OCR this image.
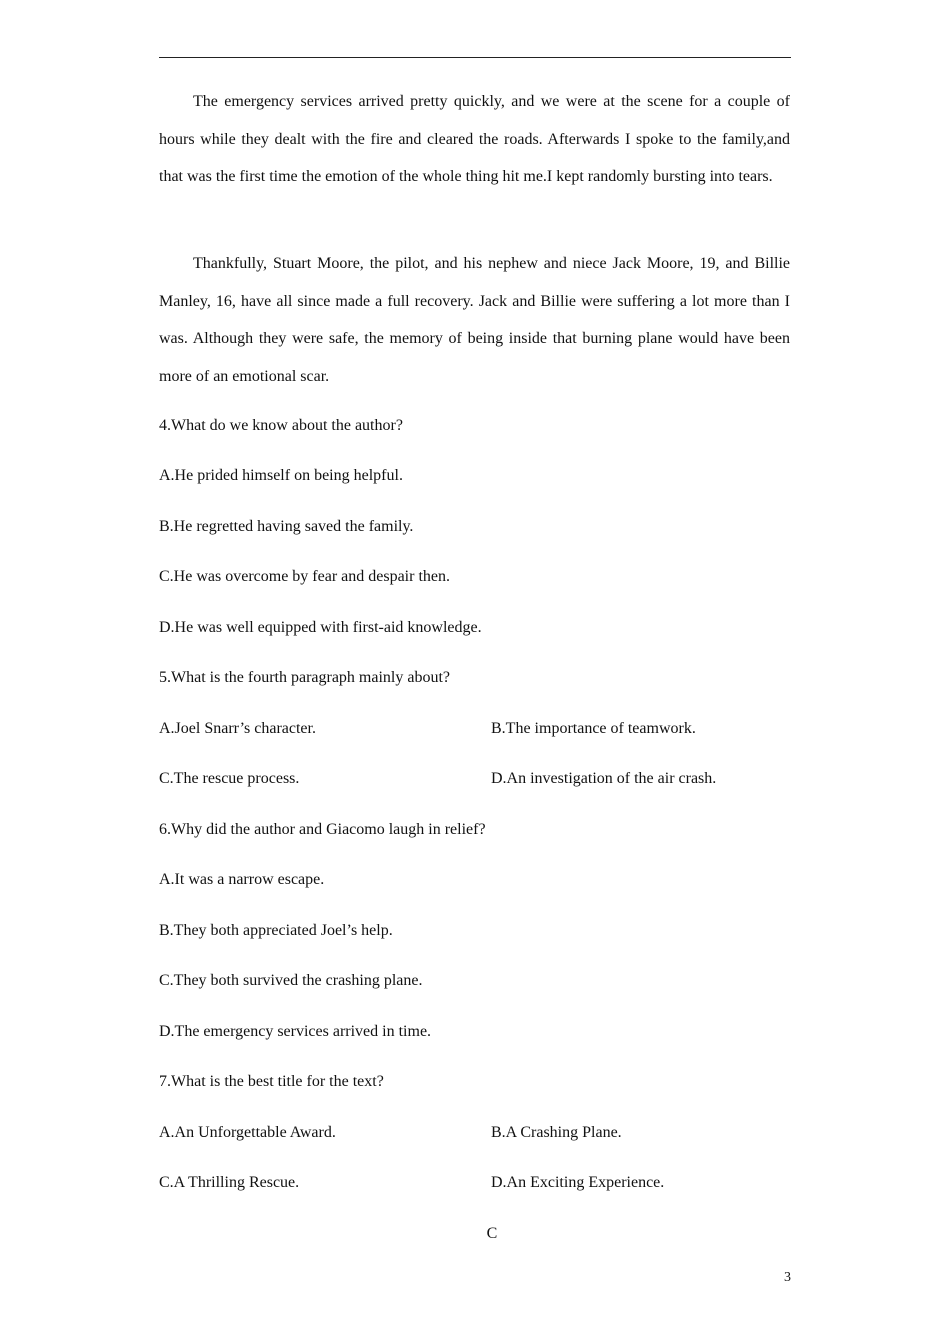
The emergency services arrived pretty quickly, and we were at the scene for a couple of hours while they dealt with the fire and cleared the roads. Afterwards I spoke to the family,and that was the first time the emotion of the whole thing hit me.I kept randomly bursting into tears.

Thankfully, Stuart Moore, the pilot, and his nephew and niece Jack Moore, 19, and Billie Manley, 16, have all since made a full recovery. Jack and Billie were suffering a lot more than I was. Although they were safe, the memory of being inside that burning plane would have been more of an emotional scar.

4.What do we know about the author?

A.He prided himself on being helpful.

B.He regretted having saved the family.

C.He was overcome by fear and despair then.

D.He was well equipped with first-aid knowledge.

5.What is the fourth paragraph mainly about?

A.Joel Snarr’s character.	B.The importance of teamwork.

C.The rescue process.	D.An investigation of the air crash.

6.Why did the author and Giacomo laugh in relief?

A.It was a narrow escape.

B.They both appreciated Joel’s help.

C.They both survived the crashing plane.

D.The emergency services arrived in time.

7.What is the best title for the text?

A.An Unforgettable Award.	B.A Crashing Plane.

C.A Thrilling Rescue.	D.An Exciting Experience.

C
3
